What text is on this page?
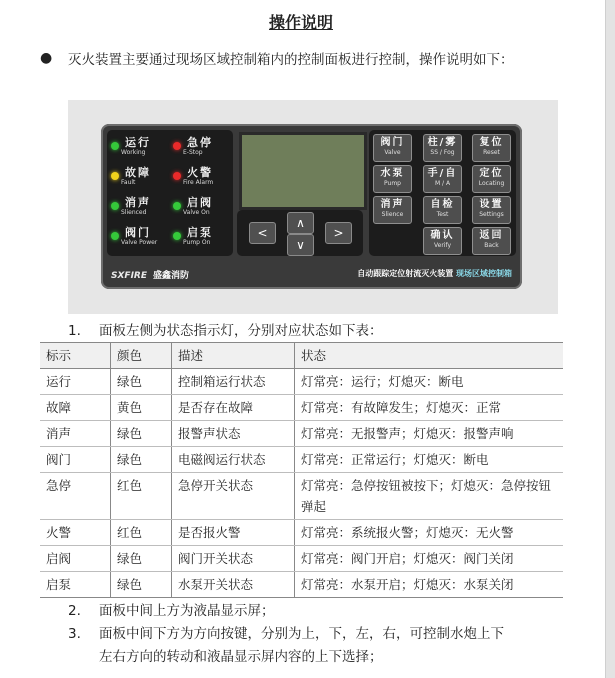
操作说明
● 灭火装置主要通过现场区域控制箱内的控制面板进行控制，操作说明如下：
运行
Working
故障
Fault
消声
Slienced
阀门
Valve Power
急停
E-Stop
火警
Fire Alarm
启阀
Valve On
启泵
Pump On
<
∧
∨
>
阀门
Valve
柱/雾
SS / Fog
复位
Reset
水泵
Pump
手/自
M / A
定位
Locating
消声
Slience
自检
Test
设置
Settings
确认
Verify
返回
Back
SXFIRE 盛鑫消防	自动跟踪定位射流灭火装置 现场区域控制箱
1.	面板左侧为状态指示灯，分别对应状态如下表：
标示	颜色	描述	状态
运行	绿色	控制箱运行状态	灯常亮：运行；灯熄灭：断电
故障	黄色	是否存在故障	灯常亮：有故障发生；灯熄灭：正常
消声	绿色	报警声状态	灯常亮：无报警声；灯熄灭：报警声响
阀门	绿色	电磁阀运行状态	灯常亮：正常运行；灯熄灭：断电
急停	红色	急停开关状态	灯常亮：急停按钮被按下；灯熄灭：急停按钮弹起
火警	红色	是否报火警	灯常亮：系统报火警；灯熄灭：无火警
启阀	绿色	阀门开关状态	灯常亮：阀门开启；灯熄灭：阀门关闭
启泵	绿色	水泵开关状态	灯常亮：水泵开启；灯熄灭：水泵关闭
2.	面板中间上方为液晶显示屏；
3.	面板中间下方为方向按键，分别为上，下，左，右，可控制水炮上下
左右方向的转动和液晶显示屏内容的上下选择；
